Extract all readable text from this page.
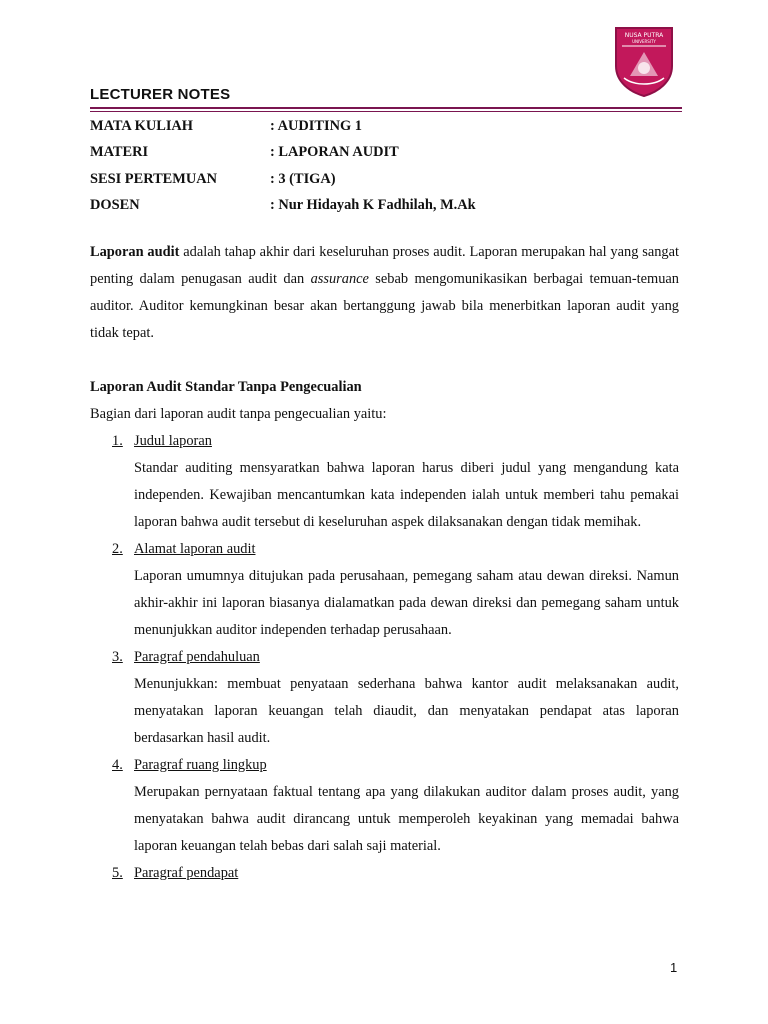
NUSA PUTRA
UNIVERSITY
LECTURER NOTES
MATA KULIAH	: AUDITING 1
MATERI	: LAPORAN AUDIT
SESI PERTEMUAN	: 3 (TIGA)
DOSEN	: Nur Hidayah K Fadhilah, M.Ak

Laporan audit adalah tahap akhir dari keseluruhan proses audit. Laporan merupakan hal yang sangat penting dalam penugasan audit dan assurance sebab mengomunikasikan berbagai temuan-temuan auditor. Auditor kemungkinan besar akan bertanggung jawab bila menerbitkan laporan audit yang tidak tepat.

Laporan Audit Standar Tanpa Pengecualian
Bagian dari laporan audit tanpa pengecualian yaitu:
1. Judul laporan

Standar auditing mensyaratkan bahwa laporan harus diberi judul yang mengandung kata independen. Kewajiban mencantumkan kata independen ialah untuk memberi tahu pemakai laporan bahwa audit tersebut di keseluruhan aspek dilaksanakan dengan tidak memihak.

2. Alamat laporan audit

Laporan umumnya ditujukan pada perusahaan, pemegang saham atau dewan direksi. Namun akhir-akhir ini laporan biasanya dialamatkan pada dewan direksi dan pemegang saham untuk menunjukkan auditor independen terhadap perusahaan.

3. Paragraf pendahuluan

Menunjukkan: membuat penyataan sederhana bahwa kantor audit melaksanakan audit, menyatakan laporan keuangan telah diaudit, dan menyatakan pendapat atas laporan berdasarkan hasil audit.

4. Paragraf ruang lingkup

Merupakan pernyataan faktual tentang apa yang dilakukan auditor dalam proses audit, yang menyatakan bahwa audit dirancang untuk memperoleh keyakinan yang memadai bahwa laporan keuangan telah bebas dari salah saji material.

5. Paragraf pendapat
1
